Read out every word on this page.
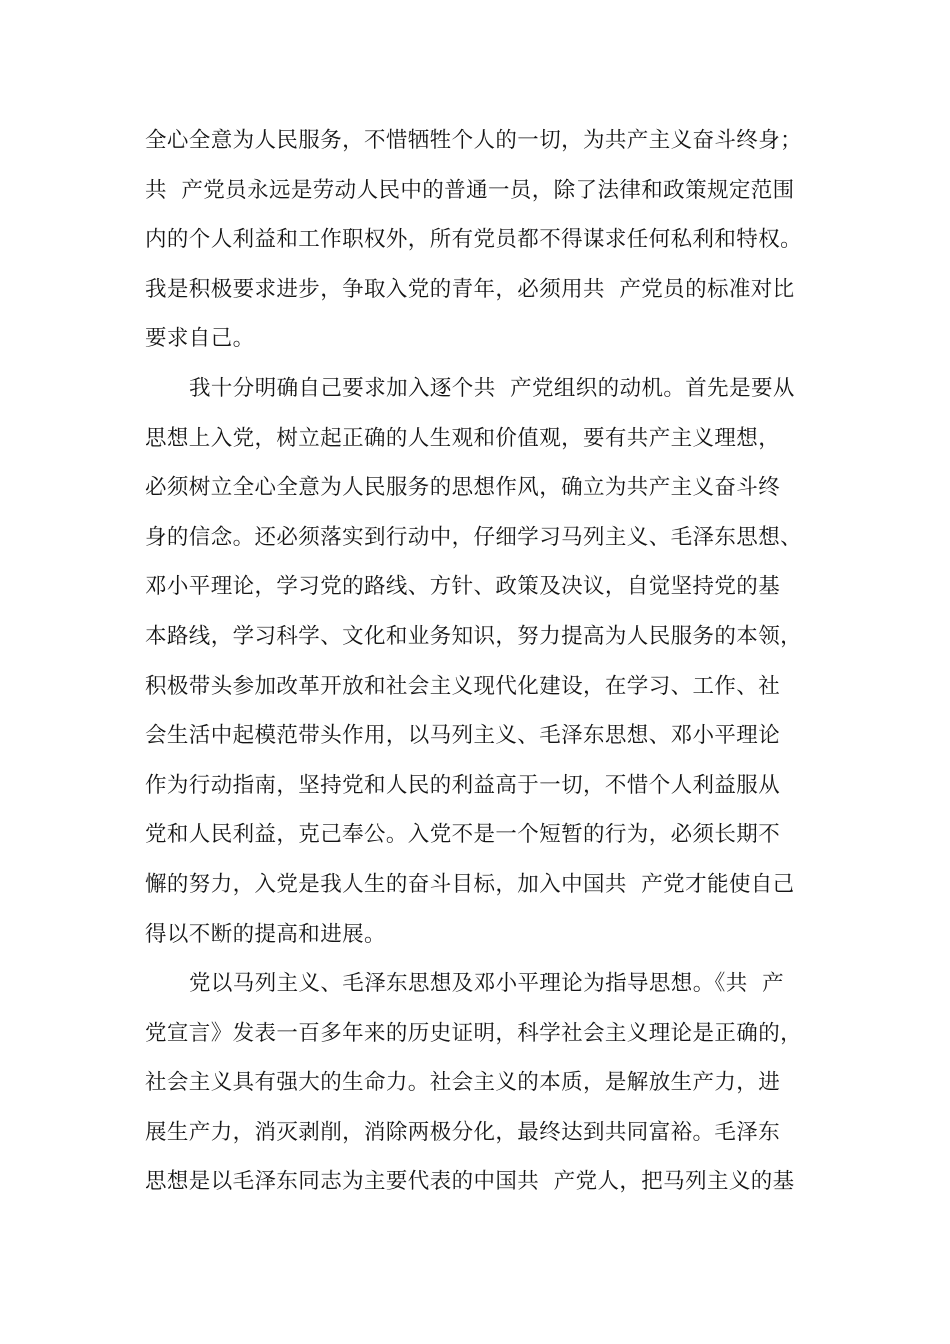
全心全意为人民服务，不惜牺牲个人的一切，为共产主义奋斗终身；
共  产党员永远是劳动人民中的普通一员，除了法律和政策规定范围
内的个人利益和工作职权外，所有党员都不得谋求任何私利和特权。
我是积极要求进步，争取入党的青年，必须用共  产党员的标准对比
要求自己。
我十分明确自己要求加入逐个共  产党组织的动机。首先是要从
思想上入党，树立起正确的人生观和价值观，要有共产主义理想，
必须树立全心全意为人民服务的思想作风，确立为共产主义奋斗终
身的信念。还必须落实到行动中，仔细学习马列主义、毛泽东思想、
邓小平理论，学习党的路线、方针、政策及决议，自觉坚持党的基
本路线，学习科学、文化和业务知识，努力提高为人民服务的本领，
积极带头参加改革开放和社会主义现代化建设，在学习、工作、社
会生活中起模范带头作用，以马列主义、毛泽东思想、邓小平理论
作为行动指南，坚持党和人民的利益高于一切，不惜个人利益服从
党和人民利益，克己奉公。入党不是一个短暂的行为，必须长期不
懈的努力，入党是我人生的奋斗目标，加入中国共  产党才能使自己
得以不断的提高和进展。
党以马列主义、毛泽东思想及邓小平理论为指导思想。《共  产
党宣言》发表一百多年来的历史证明，科学社会主义理论是正确的，
社会主义具有强大的生命力。社会主义的本质，是解放生产力，进
展生产力，消灭剥削，消除两极分化，最终达到共同富裕。毛泽东
思想是以毛泽东同志为主要代表的中国共  产党人，把马列主义的基
